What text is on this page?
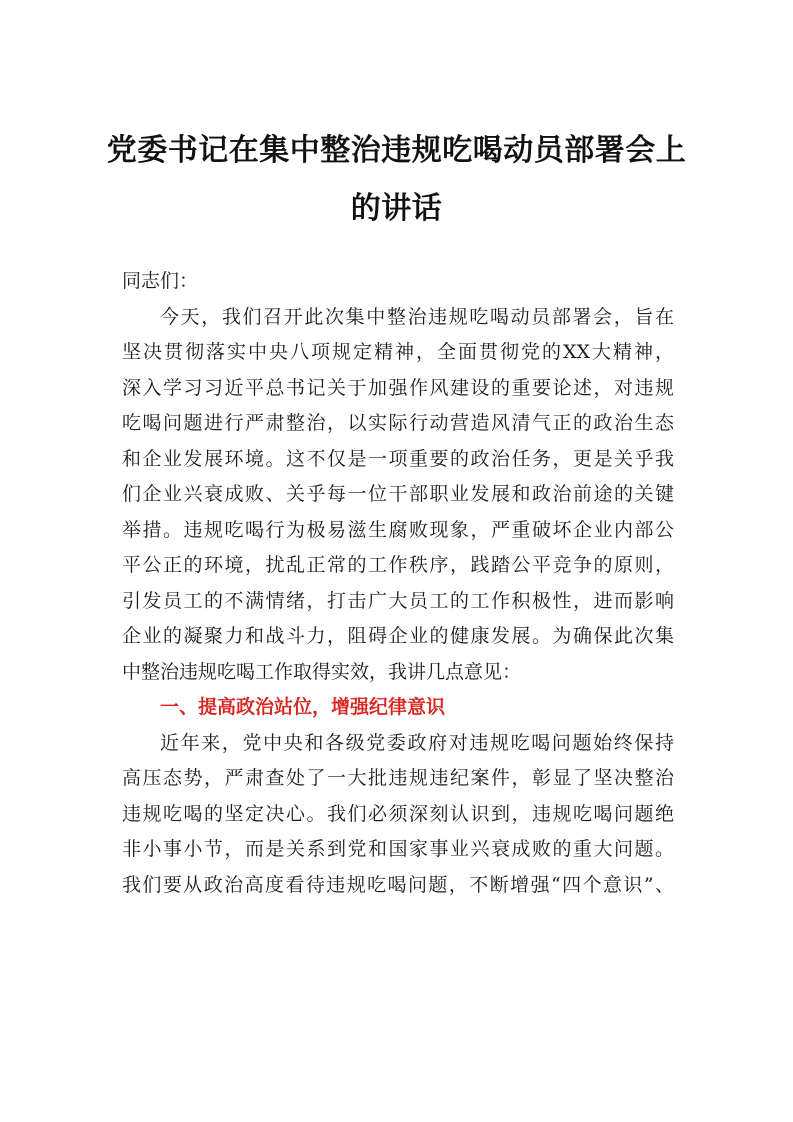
党委书记在集中整治违规吃喝动员部署会上
的讲话
同志们：
今天，我们召开此次集中整治违规吃喝动员部署会，旨在
坚决贯彻落实中央八项规定精神，全面贯彻党的XX大精神，
深入学习习近平总书记关于加强作风建设的重要论述，对违规
吃喝问题进行严肃整治，以实际行动营造风清气正的政治生态
和企业发展环境。这不仅是一项重要的政治任务，更是关乎我
们企业兴衰成败、关乎每一位干部职业发展和政治前途的关键
举措。违规吃喝行为极易滋生腐败现象，严重破坏企业内部公
平公正的环境，扰乱正常的工作秩序，践踏公平竞争的原则，
引发员工的不满情绪，打击广大员工的工作积极性，进而影响
企业的凝聚力和战斗力，阻碍企业的健康发展。为确保此次集
中整治违规吃喝工作取得实效，我讲几点意见：
一、提高政治站位，增强纪律意识
近年来，党中央和各级党委政府对违规吃喝问题始终保持
高压态势，严肃查处了一大批违规违纪案件，彰显了坚决整治
违规吃喝的坚定决心。我们必须深刻认识到，违规吃喝问题绝
非小事小节，而是关系到党和国家事业兴衰成败的重大问题。
我们要从政治高度看待违规吃喝问题，不断增强“四个意识”、
